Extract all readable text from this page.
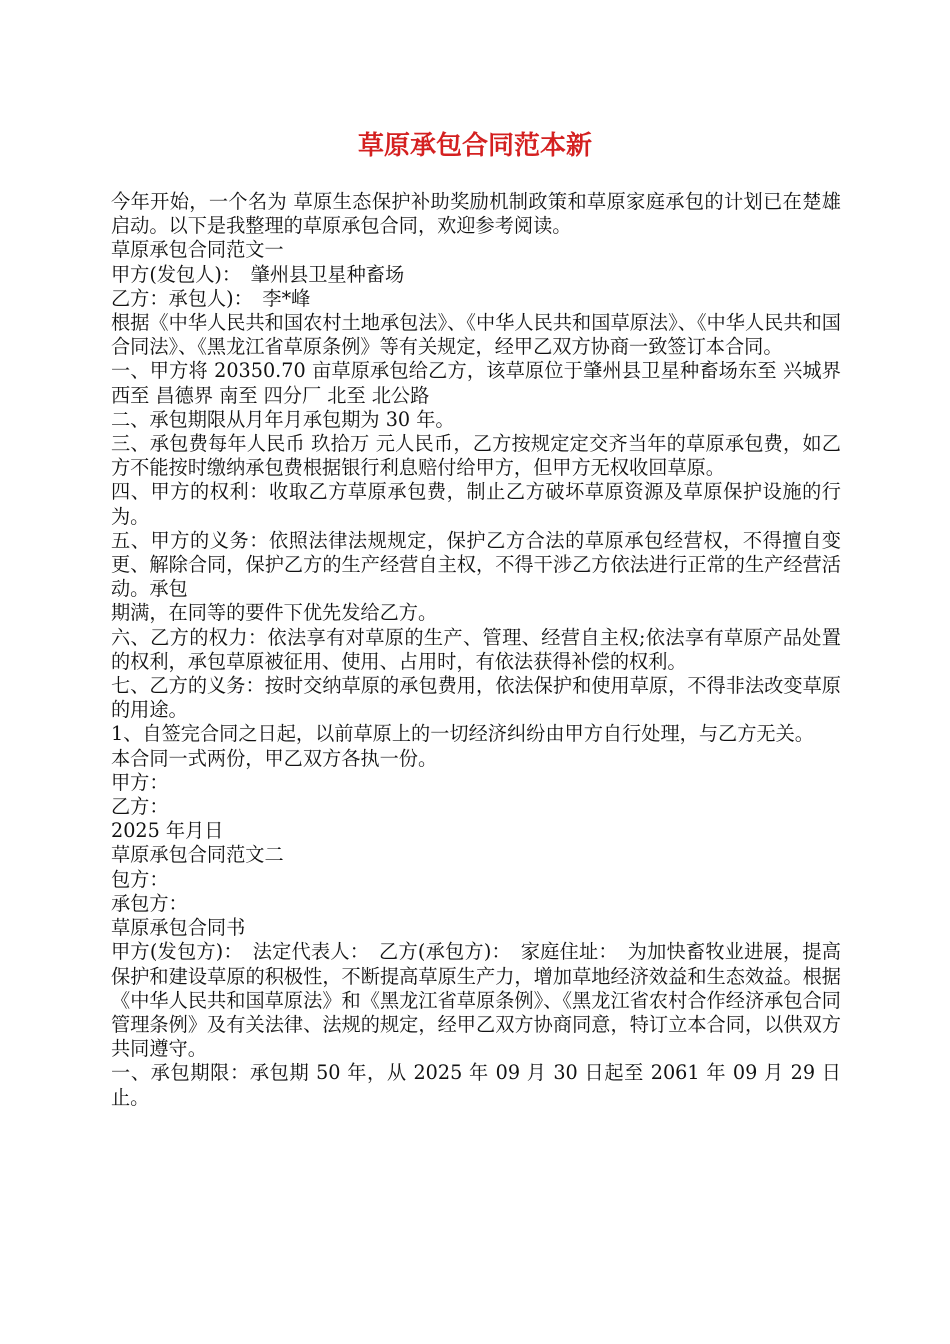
草原承包合同范本新

今年开始，一个名为 草原生态保护补助奖励机制政策和草原家庭承包的计划已在楚雄启动。以下是我整理的草原承包合同，欢迎参考阅读。

草原承包合同范文一

甲方(发包人)：　肇州县卫星种畜场

乙方：承包人)：　李*峰

根据《中华人民共和国农村土地承包法》、《中华人民共和国草原法》、《中华人民共和国合同法》、《黑龙江省草原条例》等有关规定，经甲乙双方协商一致签订本合同。

一、甲方将 20350.70 亩草原承包给乙方，该草原位于肇州县卫星种畜场东至 兴城界 西至 昌德界 南至 四分厂 北至 北公路

二、承包期限从月年月承包期为 30 年。

三、承包费每年人民币 玖拾万 元人民币，乙方按规定定交齐当年的草原承包费，如乙方不能按时缴纳承包费根据银行利息赔付给甲方，但甲方无权收回草原。

四、甲方的权利：收取乙方草原承包费，制止乙方破坏草原资源及草原保护设施的行为。

五、甲方的义务：依照法律法规规定，保护乙方合法的草原承包经营权，不得擅自变更、解除合同，保护乙方的生产经营自主权，不得干涉乙方依法进行正常的生产经营活动。承包

期满，在同等的要件下优先发给乙方。

六、乙方的权力：依法享有对草原的生产、管理、经营自主权;依法享有草原产品处置的权利，承包草原被征用、使用、占用时，有依法获得补偿的权利。

七、乙方的义务：按时交纳草原的承包费用，依法保护和使用草原，不得非法改变草原的用途。

1、自签完合同之日起，以前草原上的一切经济纠纷由甲方自行处理，与乙方无关。

本合同一式两份，甲乙双方各执一份。

甲方：

乙方：

2025 年月日

草原承包合同范文二

包方：

承包方：

草原承包合同书

甲方(发包方)：　法定代表人：　乙方(承包方)：　家庭住址：　为加快畜牧业进展，提高保护和建设草原的积极性，不断提高草原生产力，增加草地经济效益和生态效益。根据《中华人民共和国草原法》和《黑龙江省草原条例》、《黑龙江省农村合作经济承包合同管理条例》及有关法律、法规的规定，经甲乙双方协商同意，特订立本合同，以供双方共同遵守。

一、承包期限：承包期 50 年，从 2025 年 09 月 30 日起至 2061 年 09 月 29 日止。
